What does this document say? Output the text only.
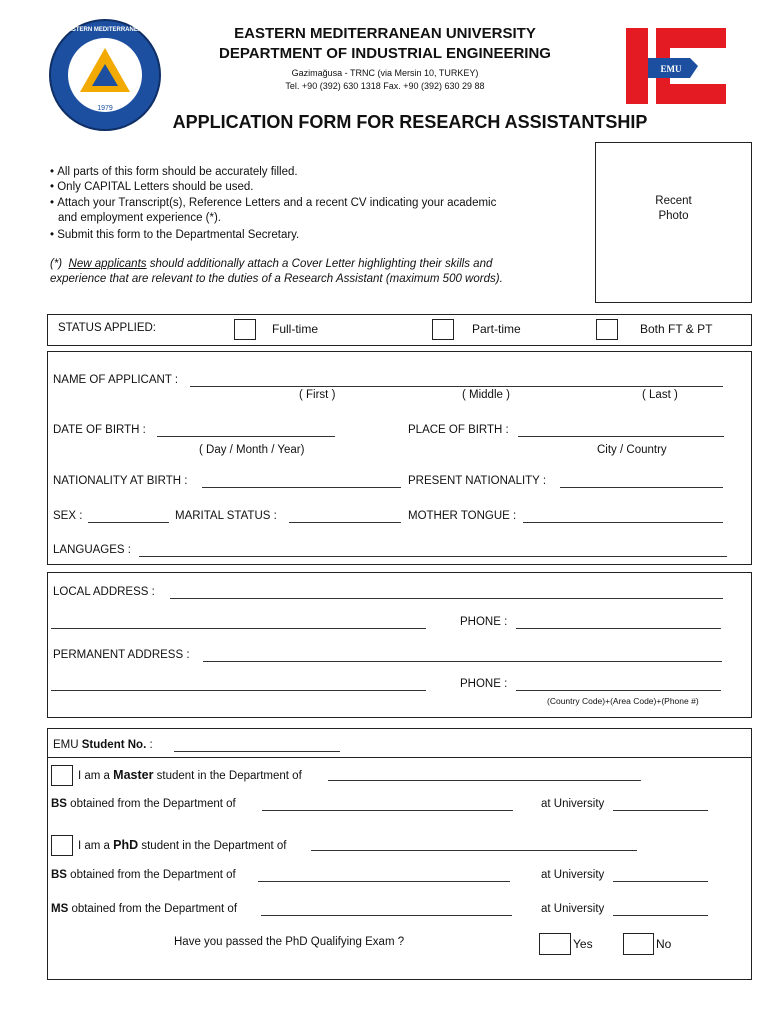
1979
EASTERN MEDITERRANEAN	EASTERN MEDITERRANEAN UNIVERSITY
DEPARTMENT OF INDUSTRIAL ENGINEERING
Gazimağusa - TRNC (via Mersin 10, TURKEY)
Tel. +90 (392) 630 1318 Fax. +90 (392) 630 29 88
EMU
APPLICATION FORM FOR RESEARCH ASSISTANTSHIP
• All parts of this form should be accurately filled.
• Only CAPITAL Letters should be used.
• Attach your Transcript(s), Reference Letters and a recent CV indicating your academic
and employment experience (*).
• Submit this form to the Departmental Secretary.
(*) New applicants should additionally attach a Cover Letter highlighting their skills and
experience that are relevant to the duties of a Research Assistant (maximum 500 words).
Recent
Photo
STATUS APPLIED:	Full-time	Part-time	Both FT & PT
NAME OF APPLICANT :
( First )	( Middle )	( Last )
DATE OF BIRTH :
( Day / Month / Year)
PLACE OF BIRTH :
City / Country
NATIONALITY AT BIRTH :	PRESENT NATIONALITY :
SEX :	MARITAL STATUS :	MOTHER TONGUE :
LANGUAGES :
LOCAL ADDRESS :
PHONE :
PERMANENT ADDRESS :
PHONE :
(Country Code)+(Area Code)+(Phone #)
EMU Student No. :
I am a Master student in the Department of
BS obtained from the Department of	at University
I am a PhD student in the Department of
BS obtained from the Department of	at University
MS obtained from the Department of	at University
Have you passed the PhD Qualifying Exam ?	Yes	No
